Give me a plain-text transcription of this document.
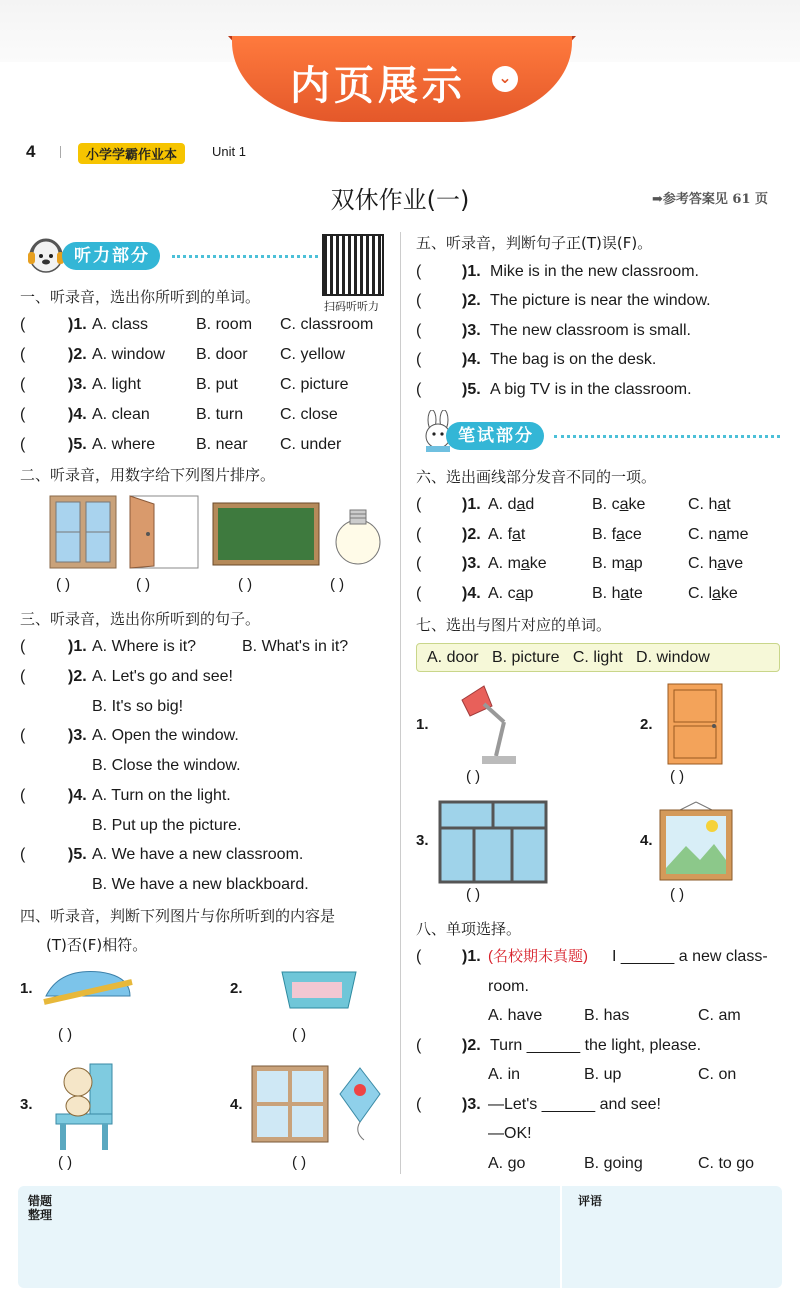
内页展示	⌄
4	小学学霸作业本	Unit 1
双休作业(一)	➡参考答案见 61 页
听力部分
扫码听听力
一、听录音，选出你所听到的单词。
(	)1. A. class	B. room C. classroom
(	)2. A. window B. door C. yellow
(	)3. A. light	B. put	C. picture
(	)4. A. clean	B. turn C. close
(	)5. A. where	B. near C. under
二、听录音，用数字给下列图片排序。
( )	( )	( )	( )
三、听录音，选出你所听到的句子。
(	)1. A. Where is it?	B. What's in it?
(	)2. A. Let's go and see!
B. It's so big!
(	)3. A. Open the window.
B. Close the window.
(	)4. A. Turn on the light.
B. Put up the picture.
(	)5. A. We have a new classroom.
B. We have a new blackboard.
四、听录音，判断下列图片与你所听到的内容是
(T)否(F)相符。
1.
( )
2.
( )
3.
( )
4.
( )
五、听录音，判断句子正(T)误(F)。
(	)1. Mike is in the new classroom.
(	)2. The picture is near the window.
(	)3. The new classroom is small.
(	)4. The bag is on the desk.
(	)5. A big TV is in the classroom.
笔试部分
六、选出画线部分发音不同的一项。
(	)1. A. dad	B. cake	C. hat
(	)2. A. fat	B. face	C. name
(	)3. A. make	B. map	C. have
(	)4. A. cap	B. hate	C. lake
七、选出与图片对应的单词。
A. door B. picture C. light D. window
1.
( )
2.
( )
3.
( )
4.
( )
八、单项选择。
(	)1. (名校期末真题) I ______ a new class-
room.
A. have	B. has	C. am
(	)2. Turn ______ the light, please.
A. in	B. up	C. on
(	)3. —Let's ______ and see!
—OK!
A. go	B. going	C. to go
错题
整理
评语
